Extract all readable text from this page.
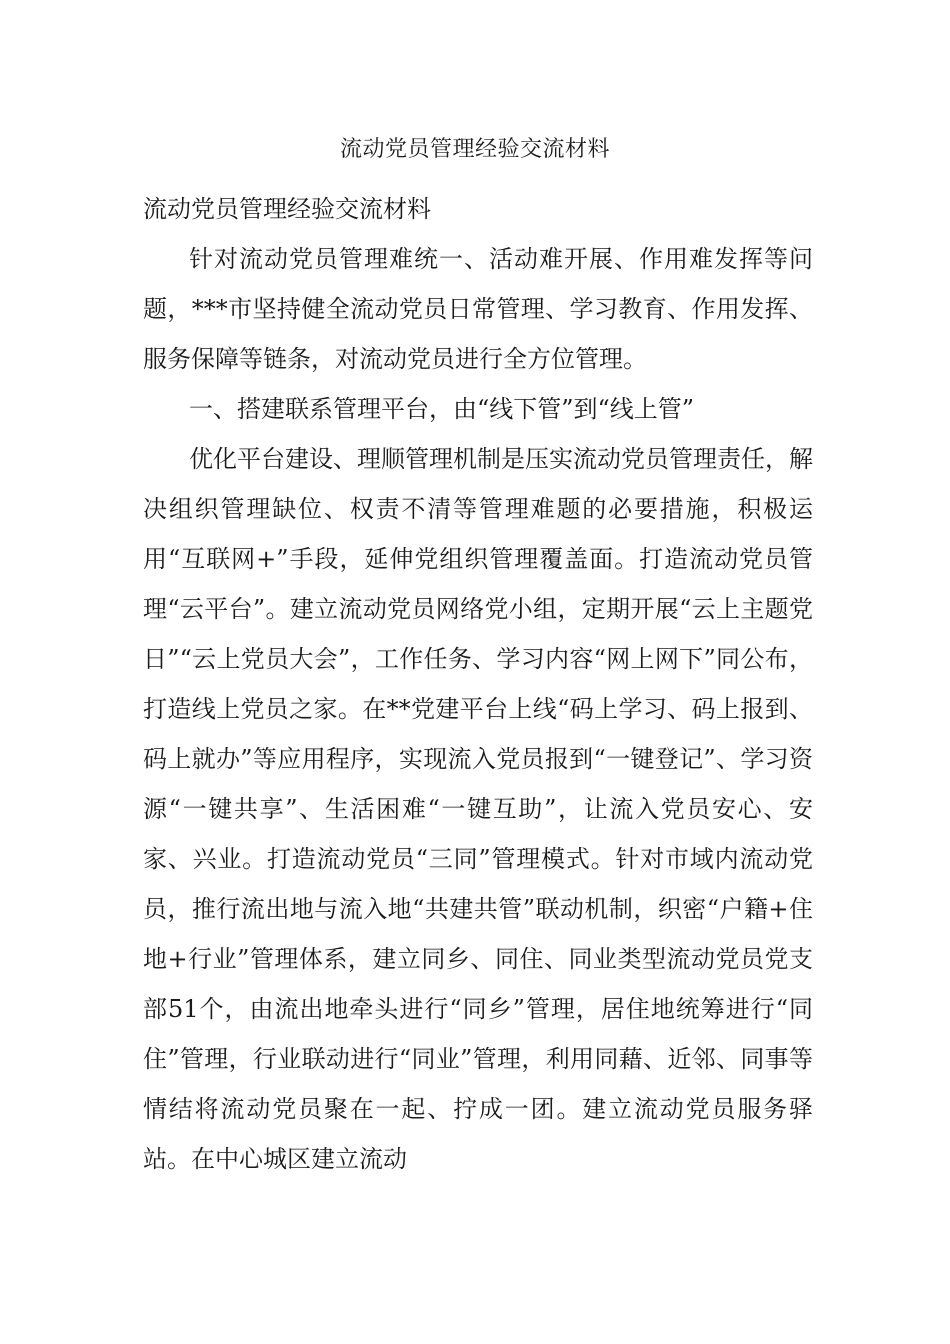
流动党员管理经验交流材料

流动党员管理经验交流材料

针对流动党员管理难统一、活动难开展、作用难发挥等问题，***市坚持健全流动党员日常管理、学习教育、作用发挥、服务保障等链条，对流动党员进行全方位管理。

一、搭建联系管理平台，由“线下管”到“线上管”

优化平台建设、理顺管理机制是压实流动党员管理责任，解决组织管理缺位、权责不清等管理难题的必要措施，积极运用“互联网+”手段，延伸党组织管理覆盖面。打造流动党员管理“云平台”。建立流动党员网络党小组，定期开展“云上主题党日”“云上党员大会”，工作任务、学习内容“网上网下”同公布，打造线上党员之家。在**党建平台上线“码上学习、码上报到、码上就办”等应用程序，实现流入党员报到“一键登记”、学习资源“一键共享”、生活困难“一键互助”，让流入党员安心、安家、兴业。打造流动党员“三同”管理模式。针对市域内流动党员，推行流出地与流入地“共建共管”联动机制，织密“户籍+住地+行业”管理体系，建立同乡、同住、同业类型流动党员党支部51个，由流出地牵头进行“同乡”管理，居住地统筹进行“同住”管理，行业联动进行“同业”管理，利用同藉、近邻、同事等情结将流动党员聚在一起、拧成一团。建立流动党员服务驿站。在中心城区建立流动
